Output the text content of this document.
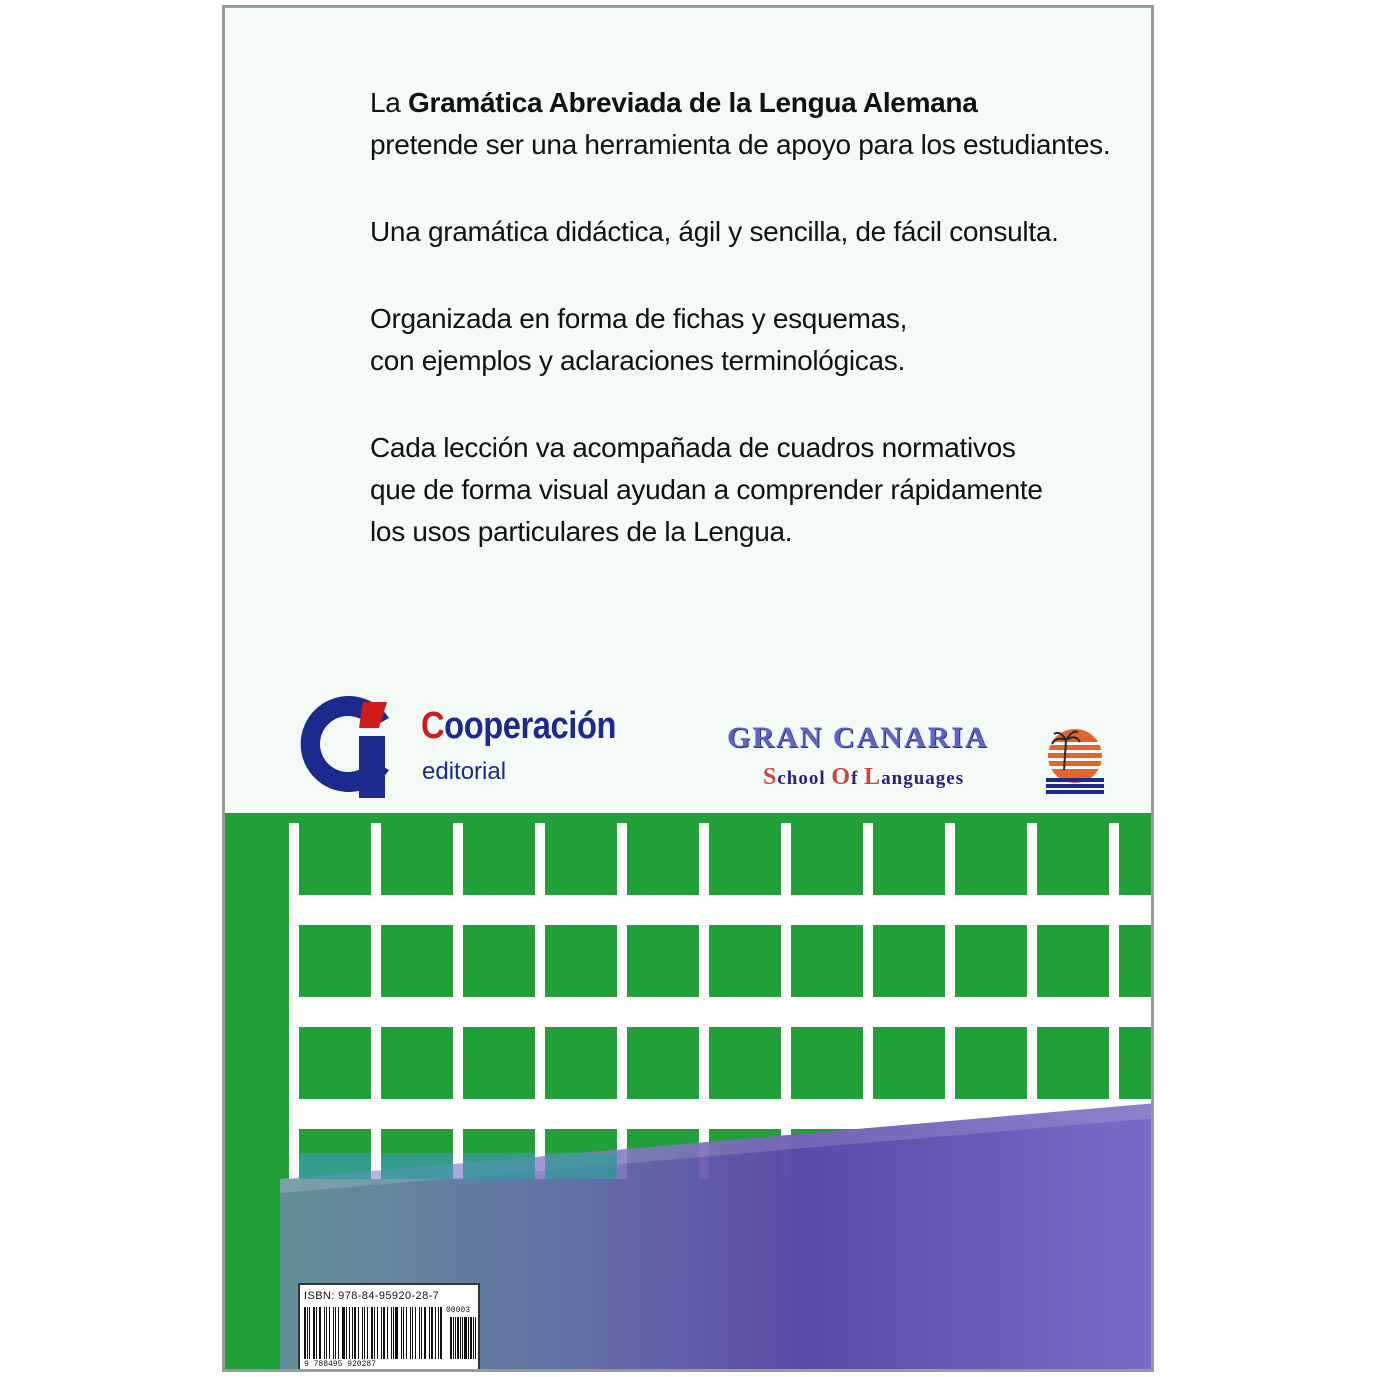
La Gramática Abreviada de la Lengua Alemana
pretende ser una herramienta de apoyo para los estudiantes.

Una gramática didáctica, ágil y sencilla, de fácil consulta.

Organizada en forma de fichas y esquemas,
con ejemplos y aclaraciones terminológicas.

Cada lección va acompañada de cuadros normativos
que de forma visual ayudan a comprender rápidamente
los usos particulares de la Lengua.

Cooperación
editorial
GRAN CANARIA
School Of Languages
ISBN: 978-84-95920-28-7
9 788495 920287
00003
